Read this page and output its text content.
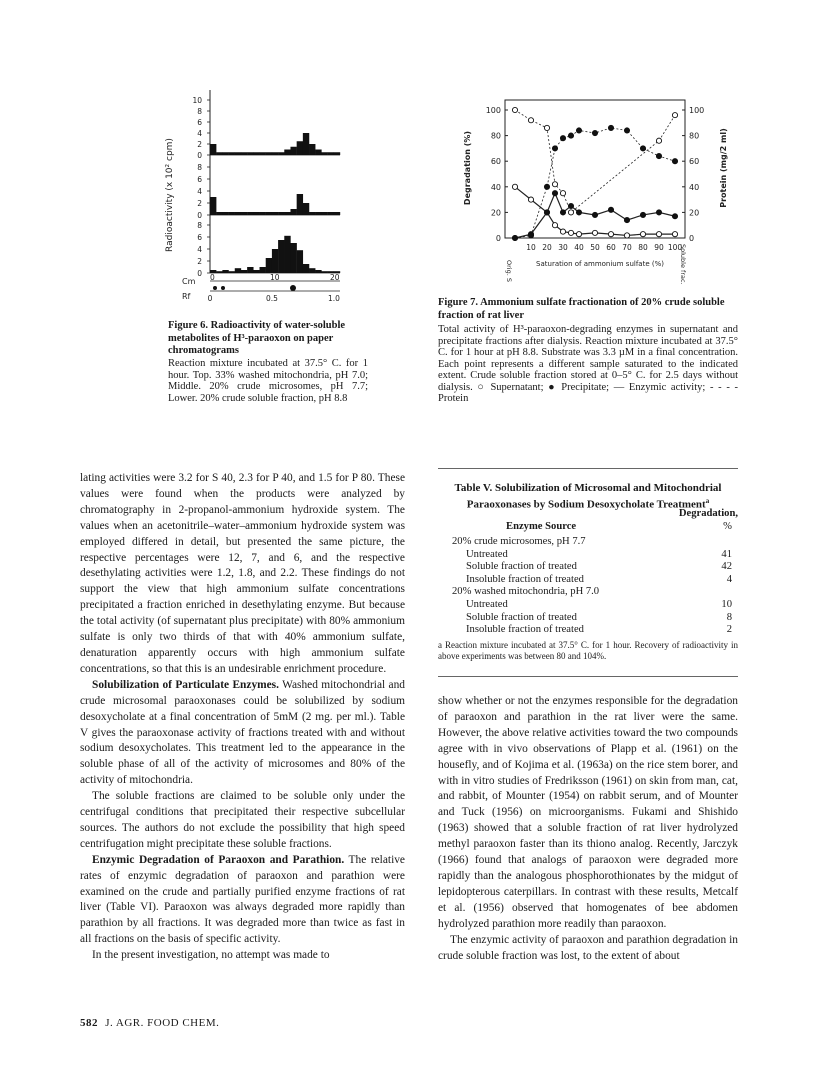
Radioactivity (x 10² cpm)
10
8
6
4
2
0
8
6
4
2
0
8
6
4
2
0
Cm 0	10	20
Rf 0	0.5	1.0
Figure 6. Radioactivity of water-soluble metabolites of H³-paraoxon on paper chromatograms
Reaction mixture incubated at 37.5° C. for 1 hour. Top. 33% washed mitochondria, pH 7.0; Middle. 20% crude microsomes, pH 7.7; Lower. 20% crude soluble fraction, pH 8.8
100
80
60
40
20
0
100
80
60
40
20
0
10 20 30 40 50 60 70 80 90 100
Saturation of ammonium sulfate (%)
Degradation (%)	Protein (mg/2 ml)
Orig. S	Soluble frac.
Figure 7. Ammonium sulfate fractionation of 20% crude soluble fraction of rat liver
Total activity of H³-paraoxon-degrading enzymes in supernatant and precipitate fractions after dialysis. Reaction mixture incubated at 37.5° C. for 1 hour at pH 8.8. Substrate was 3.3 µM in a final concentration. Each point represents a different sample saturated to the indicated extent. Crude soluble fraction stored at 0–5° C. for 2.5 days without dialysis. ○ Supernatant; ● Precipitate; — Enzymic activity; - - - - Protein

lating activities were 3.2 for S 40, 2.3 for P 40, and 1.5 for P 80. These values were found when the products were analyzed by chromatography in 2-propanol-ammonium hydroxide system. The values when an acetonitrile–water–ammonium hydroxide system was employed differed in detail, but presented the same picture, the respective percentages were 12, 7, and 6, and the respective desethylating activities were 1.2, 1.8, and 2.2. These findings do not support the view that high ammonium sulfate concentrations precipitated a fraction enriched in desethylating enzyme. But because the total activity (of supernatant plus precipitate) with 80% ammonium sulfate is only two thirds of that with 40% ammonium sulfate, denaturation apparently occurs with high ammonium sulfate concentrations, so that this is an undesirable enrichment procedure.

Solubilization of Particulate Enzymes. Washed mitochondrial and crude microsomal paraoxonases could be solubilized by sodium desoxycholate at a final concentration of 5mM (2 mg. per ml.). Table V gives the paraoxonase activity of fractions treated with and without sodium desoxycholates. This treatment led to the appearance in the soluble phase of all of the activity of microsomes and 80% of the activity of mitochondria.

The soluble fractions are claimed to be soluble only under the centrifugal conditions that precipitated their respective subcellular sources. The authors do not exclude the possibility that high speed centrifugation might precipitate these soluble fractions.

Enzymic Degradation of Paraoxon and Parathion. The relative rates of enzymic degradation of paraoxon and parathion were examined on the crude and partially purified enzyme fractions of rat liver (Table VI). Paraoxon was always degraded more rapidly than parathion by all fractions. It was degraded more than twice as fast in all fractions on the basis of specific activity.

In the present investigation, no attempt was made to

Table V. Solubilization of Microsomal and Mitochondrial Paraoxonases by Sodium Desoxycholate Treatment$^a$
Enzyme Source
Degradation,
%
20% crude microsomes, pH 7.7
Untreated	41
Soluble fraction of treated	42
Insoluble fraction of treated	4
20% washed mitochondria, pH 7.0
Untreated	10
Soluble fraction of treated	8
Insoluble fraction of treated	2
a Reaction mixture incubated at 37.5° C. for 1 hour. Recovery of radioactivity in above experiments was between 80 and 104%.

show whether or not the enzymes responsible for the degradation of paraoxon and parathion in the rat liver were the same. However, the above relative activities toward the two compounds agree with in vivo observations of Plapp et al. (1961) on the housefly, and of Kojima et al. (1963a) on the rice stem borer, and with in vitro studies of Fredriksson (1961) on skin from man, cat, and rabbit, of Mounter (1954) on rabbit serum, and of Mounter and Tuck (1956) on microorganisms. Fukami and Shishido (1963) showed that a soluble fraction of rat liver hydrolyzed methyl paraoxon faster than its thiono analog. Recently, Jarczyk (1966) found that analogs of paraoxon were degraded more rapidly than the analogous phosphorothionates by the midgut of lepidopterous caterpillars. In contrast with these results, Metcalf et al. (1956) observed that homogenates of bee abdomen hydrolyzed parathion more readily than paraoxon.

The enzymic activity of paraoxon and parathion degradation in crude soluble fraction was lost, to the extent of about

582 J. AGR. FOOD CHEM.
